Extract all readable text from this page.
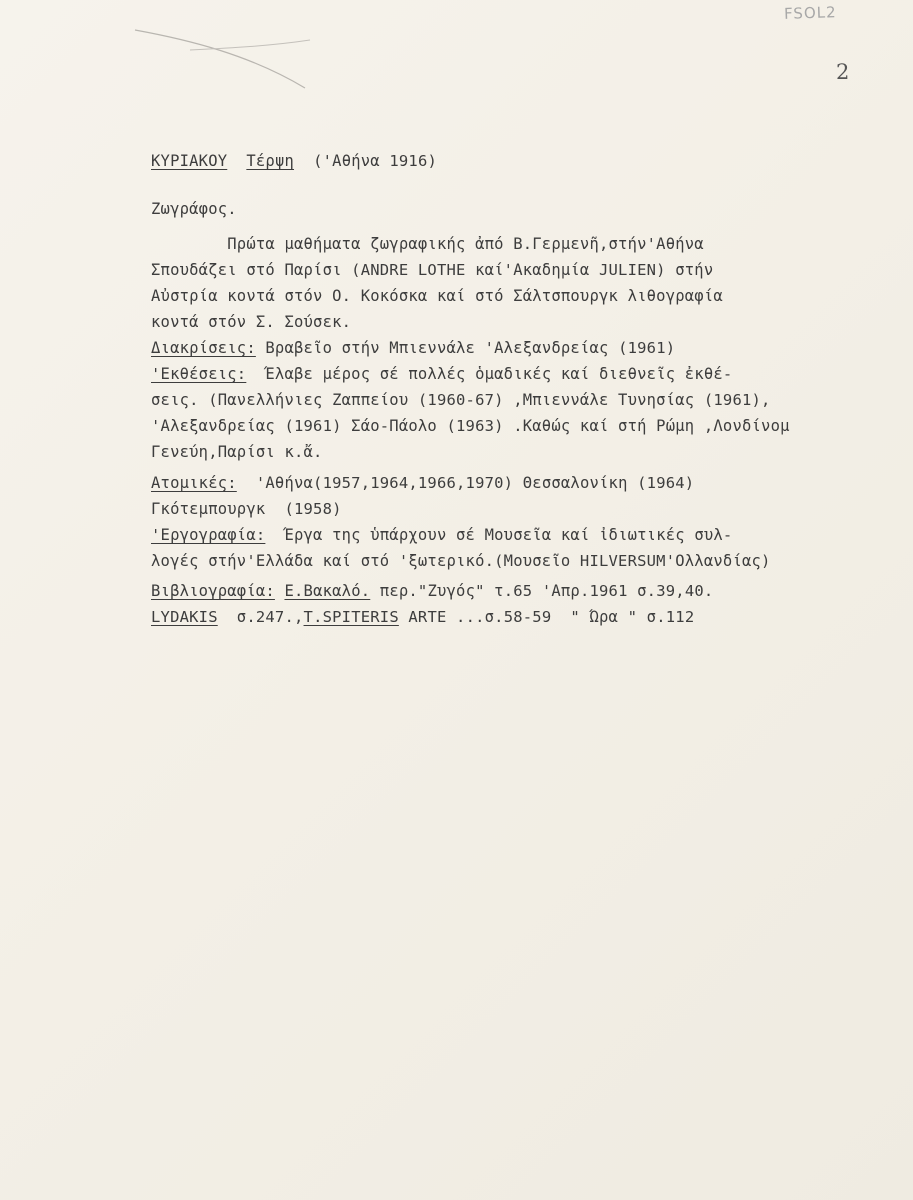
FSOL2
2
ΚΥΡΙΑΚΟΥ Τέρψη ('Αθήνα 1916)
Ζωγράφος.
Πρώτα μαθήματα ζωγραφικής ἀπό Β.Γερμενῆ,στήν'Αθήνα
Σπουδάζει στό Παρίσι (ANDRE LOTHE καί'Ακαδημία JULIEN) στήν
Αὐστρία κοντά στόν Ο. Κοκόσκα καί στό Σάλτσπουργκ λιθογραφία
κοντά στόν Σ. Σούσεκ.
Διακρίσεις: Βραβεῖο στήν Μπιεννάλε 'Αλεξανδρείας (1961)
'Εκθέσεις:  Έλαβε μέρος σέ πολλές ὁμαδικές καί διεθνεῖς ἐκθέ-
σεις. (Πανελλήνιες Ζαππείου (1960-67) ,Μπιεννάλε Τυνησίας (1961),
'Αλεξανδρείας (1961) Σάο-Πάολο (1963) .Καθώς καί στή Ρώμη ,Λονδίνομ
Γενεύη,Παρίσι κ.ἄ.
Ατομικές:  'Αθήνα(1957,1964,1966,1970) Θεσσαλονίκη (1964)
Γκότεμπουργκ  (1958)
'Εργογραφία:  Έργα της ὑπάρχουν σέ Μουσεῖα καί ἰδιωτικές συλ-
λογές στήν'Ελλάδα καί στό 'ξωτερικό.(Μουσεῖο HILVERSUM'Ολλανδίας)
Βιβλιογραφία: Ε.Βακαλό. περ."Ζυγός" τ.65 'Απρ.1961 σ.39,40.
LYDAKIS  σ.247.,T.SPITERIS ARTE ...σ.58-59  " Ώρα " σ.112
